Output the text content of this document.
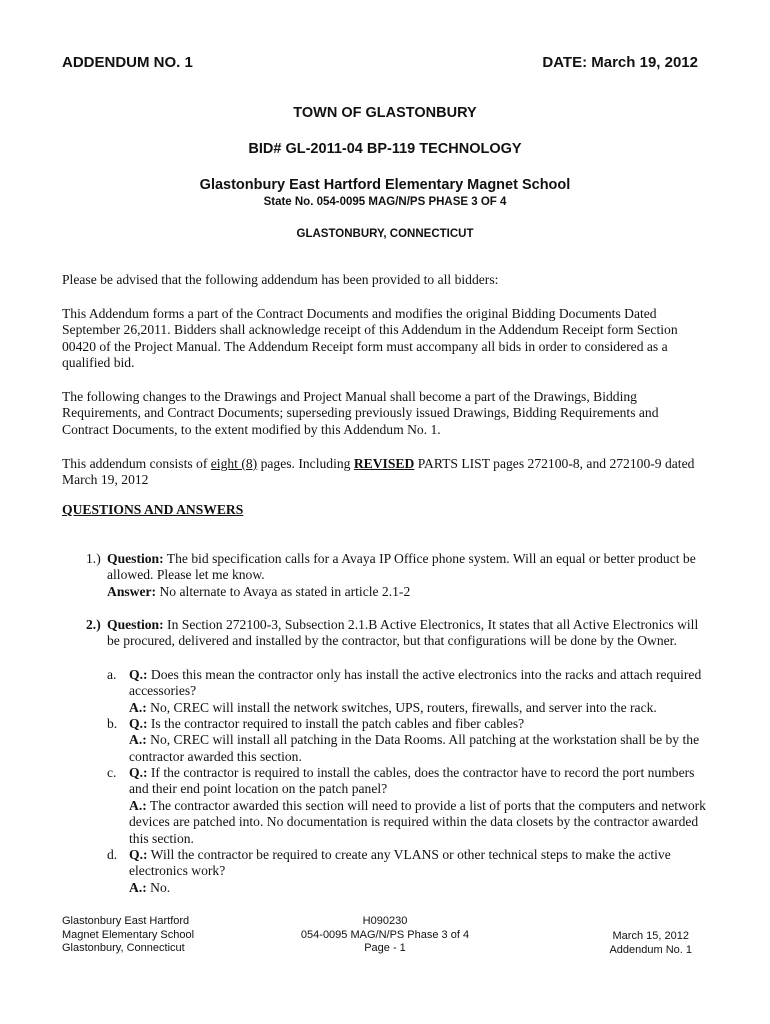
ADDENDUM NO. 1	DATE: March 19, 2012
TOWN OF GLASTONBURY
BID# GL-2011-04 BP-119 TECHNOLOGY
Glastonbury East Hartford Elementary Magnet School
State No. 054-0095 MAG/N/PS PHASE 3 OF 4
GLASTONBURY, CONNECTICUT

Please be advised that the following addendum has been provided to all bidders:

This Addendum forms a part of the Contract Documents and modifies the original Bidding Documents Dated September 26,2011. Bidders shall acknowledge receipt of this Addendum in the Addendum Receipt form Section 00420 of the Project Manual. The Addendum Receipt form must accompany all bids in order to considered as a qualified bid.

The following changes to the Drawings and Project Manual shall become a part of the Drawings, Bidding Requirements, and Contract Documents; superseding previously issued Drawings, Bidding Requirements and Contract Documents, to the extent modified by this Addendum No. 1.

This addendum consists of eight (8) pages. Including REVISED PARTS LIST pages 272100-8, and 272100-9 dated March 19, 2012

QUESTIONS AND ANSWERS
1.) Question: The bid specification calls for a Avaya IP Office phone system. Will an equal or better product be allowed. Please let me know.
Answer: No alternate to Avaya as stated in article 2.1-2

2.) Question: In Section 272100-3, Subsection 2.1.B Active Electronics, It states that all Active Electronics will be procured, delivered and installed by the contractor, but that configurations will be done by the Owner.

a. Q.: Does this mean the contractor only has install the active electronics into the racks and attach required accessories?
A.: No, CREC will install the network switches, UPS, routers, firewalls, and server into the rack.

b. Q.: Is the contractor required to install the patch cables and fiber cables?
A.: No, CREC will install all patching in the Data Rooms. All patching at the workstation shall be by the contractor awarded this section.

c. Q.: If the contractor is required to install the cables, does the contractor have to record the port numbers and their end point location on the patch panel?
A.: The contractor awarded this section will need to provide a list of ports that the computers and network devices are patched into. No documentation is required within the data closets by the contractor awarded this section.

d. Q.: Will the contractor be required to create any VLANS or other technical steps to make the active electronics work?
A.: No.

Glastonbury East Hartford
Magnet Elementary School
Glastonbury, Connecticut
H090230
054-0095 MAG/N/PS Phase 3 of 4
Page - 1
March 15, 2012
Addendum No. 1
